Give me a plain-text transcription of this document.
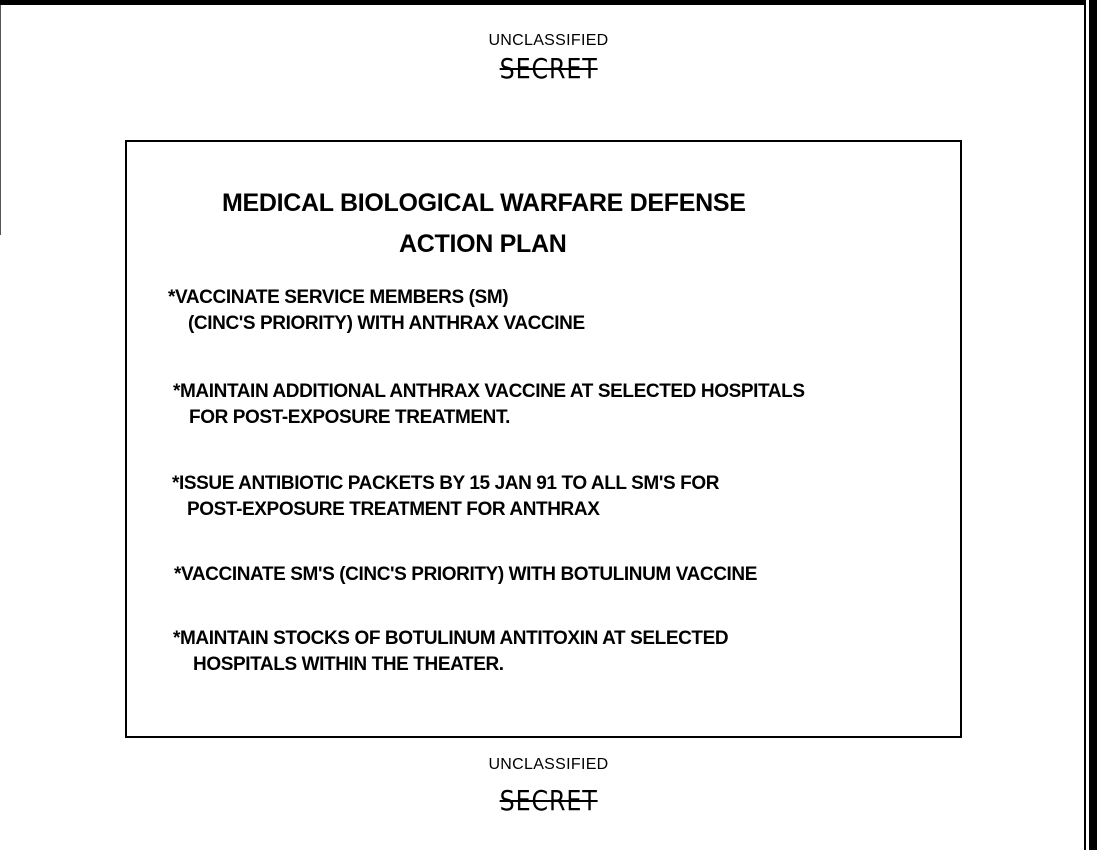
UNCLASSIFIED
SECRET
MEDICAL BIOLOGICAL WARFARE DEFENSE
ACTION PLAN
*VACCINATE SERVICE MEMBERS (SM)
(CINC'S PRIORITY) WITH ANTHRAX VACCINE
*MAINTAIN ADDITIONAL ANTHRAX VACCINE AT SELECTED HOSPITALS
FOR POST-EXPOSURE TREATMENT.
*ISSUE ANTIBIOTIC PACKETS BY 15 JAN 91 TO ALL SM'S FOR
POST-EXPOSURE TREATMENT FOR ANTHRAX
*VACCINATE SM'S (CINC'S PRIORITY) WITH BOTULINUM VACCINE
*MAINTAIN STOCKS OF BOTULINUM ANTITOXIN AT SELECTED
HOSPITALS WITHIN THE THEATER.
UNCLASSIFIED
SECRET
